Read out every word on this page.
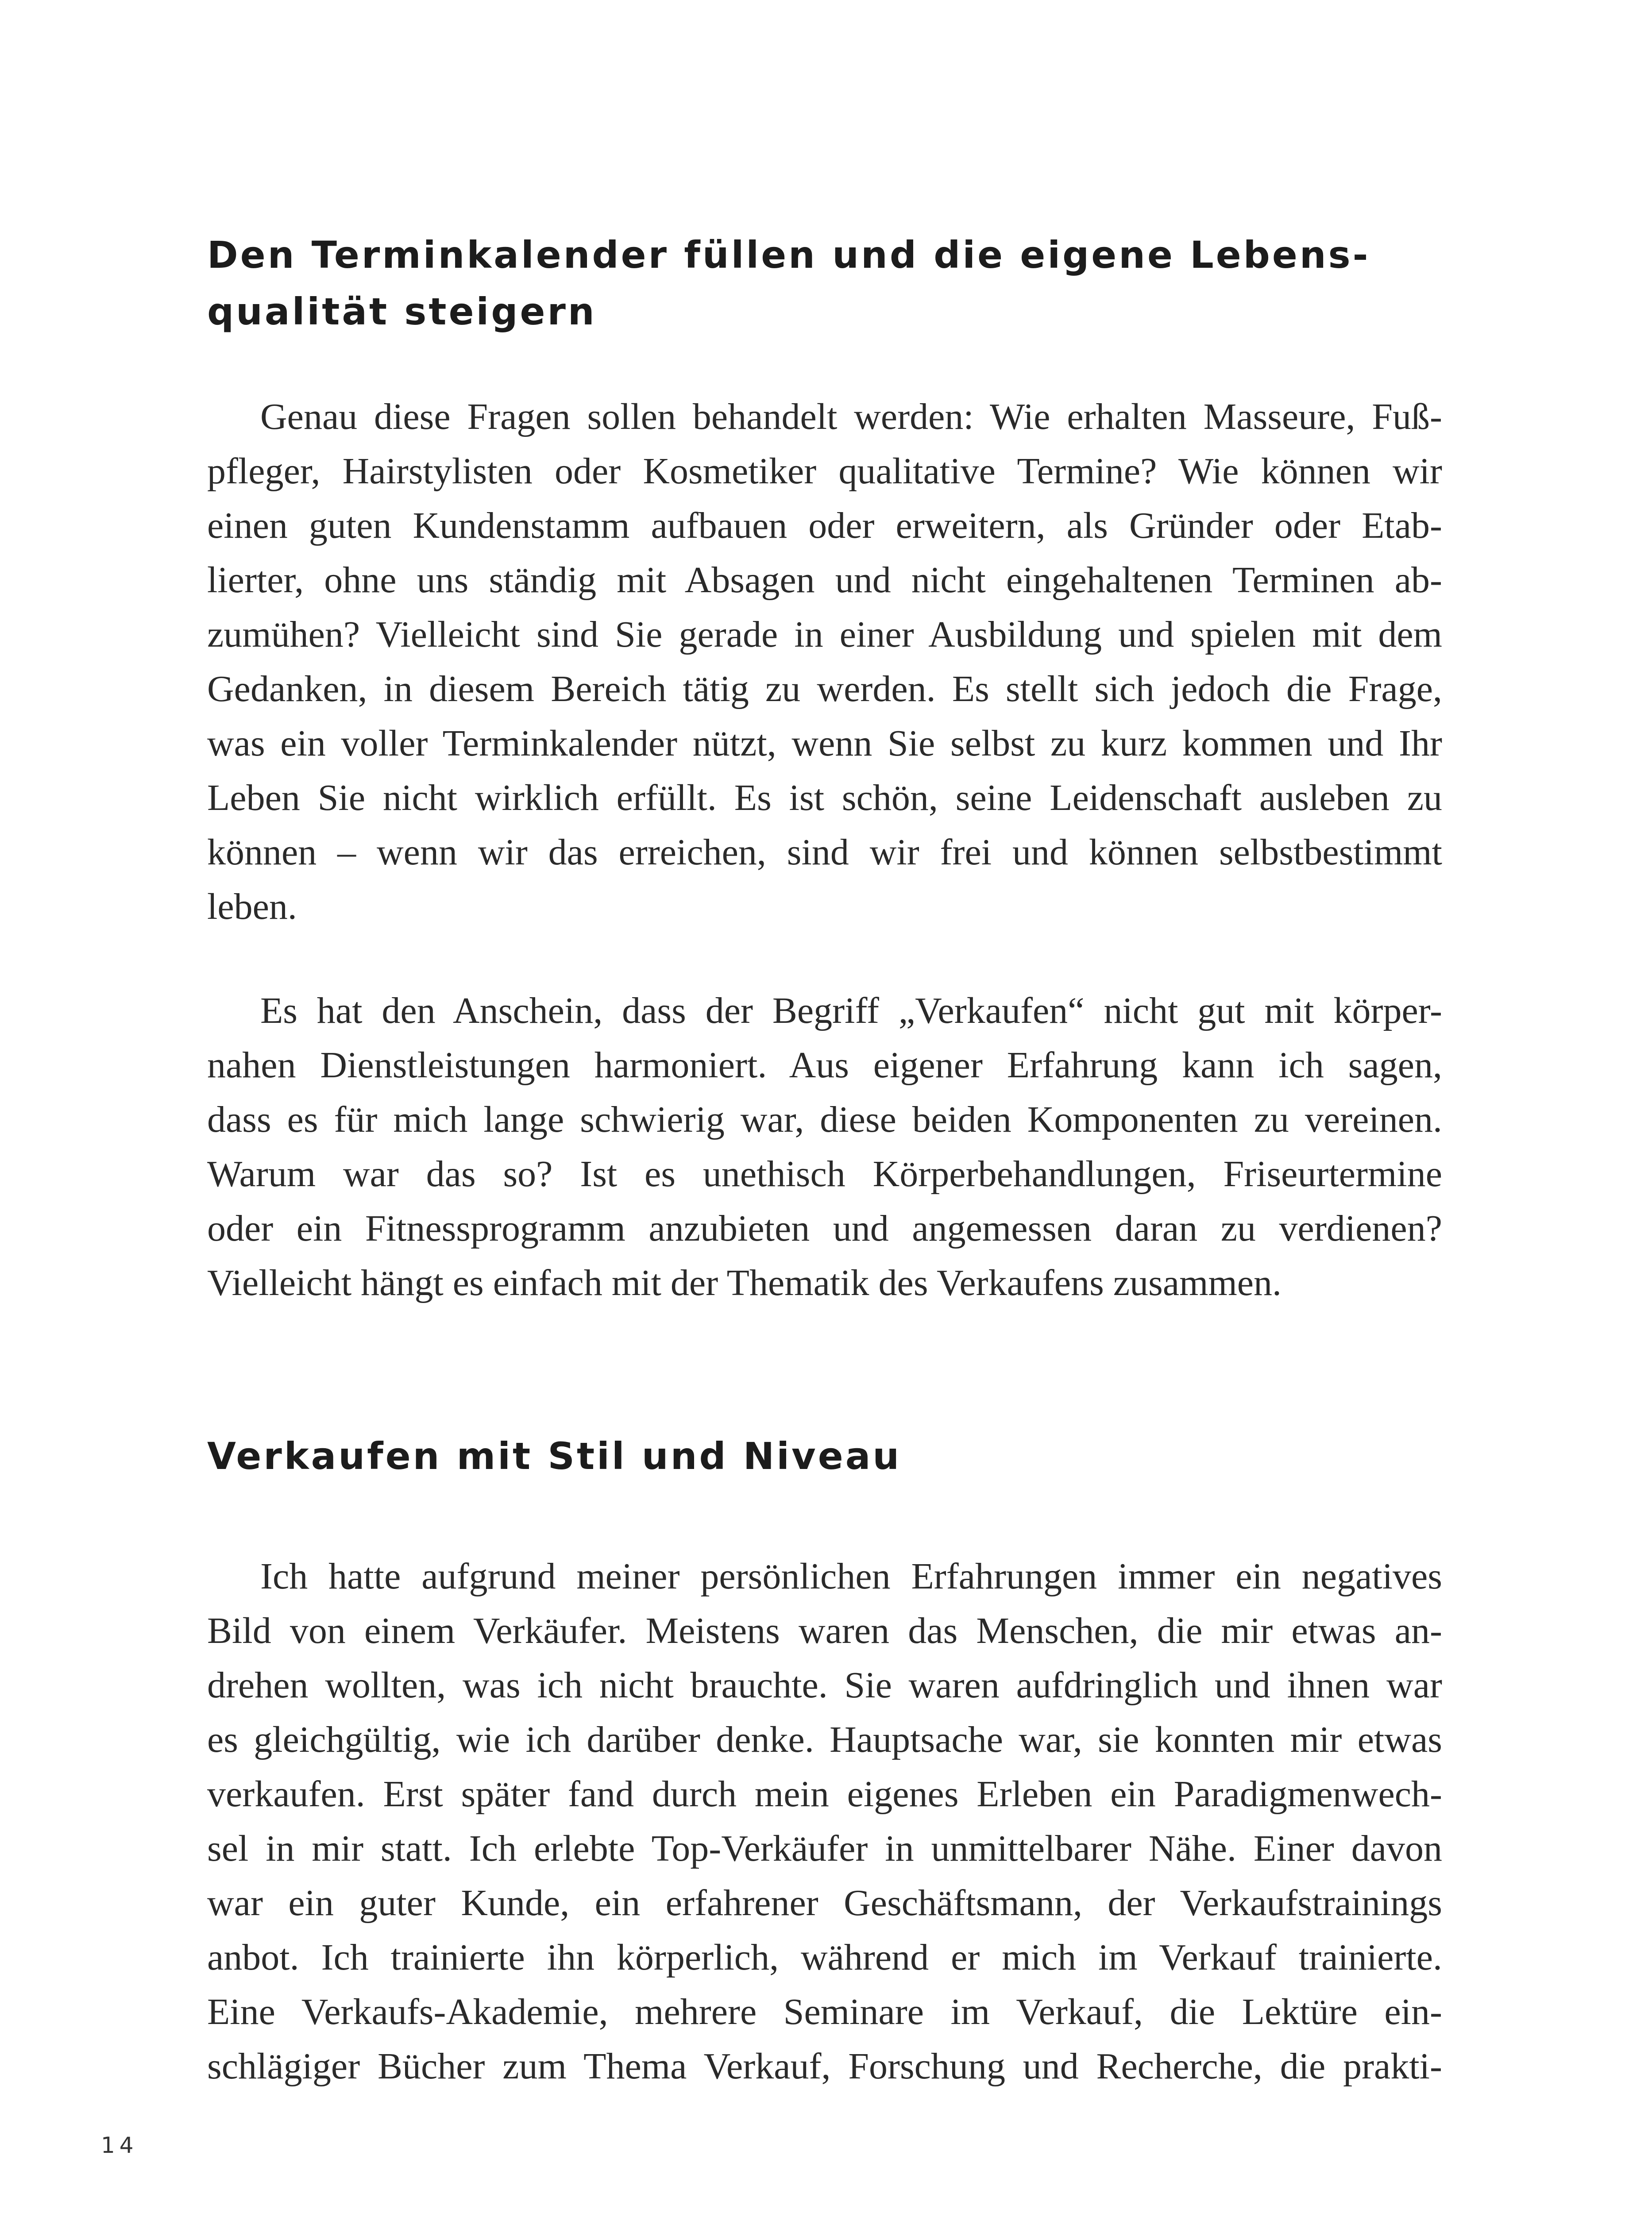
Den Terminkalender füllen und die eigene Lebens-
qualität steigern

Genau diese Fragen sollen behandelt werden: Wie erhalten Masseure, Fuß-
pfleger, Hairstylisten oder Kosmetiker qualitative Termine? Wie können wir
einen guten Kundenstamm aufbauen oder erweitern, als Gründer oder Etab-
lierter, ohne uns ständig mit Absagen und nicht eingehaltenen Terminen ab-
zumühen? Vielleicht sind Sie gerade in einer Ausbildung und spielen mit dem
Gedanken, in diesem Bereich tätig zu werden. Es stellt sich jedoch die Frage,
was ein voller Terminkalender nützt, wenn Sie selbst zu kurz kommen und Ihr
Leben Sie nicht wirklich erfüllt. Es ist schön, seine Leidenschaft ausleben zu
können – wenn wir das erreichen, sind wir frei und können selbstbestimmt
leben.

Es hat den Anschein, dass der Begriff „Verkaufen“ nicht gut mit körper-
nahen Dienstleistungen harmoniert. Aus eigener Erfahrung kann ich sagen,
dass es für mich lange schwierig war, diese beiden Komponenten zu vereinen.
Warum war das so? Ist es unethisch Körperbehandlungen, Friseurtermine
oder ein Fitnessprogramm anzubieten und angemessen daran zu verdienen?
Vielleicht hängt es einfach mit der Thematik des Verkaufens zusammen.

Verkaufen mit Stil und Niveau

Ich hatte aufgrund meiner persönlichen Erfahrungen immer ein negatives
Bild von einem Verkäufer. Meistens waren das Menschen, die mir etwas an-
drehen wollten, was ich nicht brauchte. Sie waren aufdringlich und ihnen war
es gleichgültig, wie ich darüber denke. Hauptsache war, sie konnten mir etwas
verkaufen. Erst später fand durch mein eigenes Erleben ein Paradigmenwech-
sel in mir statt. Ich erlebte Top-Verkäufer in unmittelbarer Nähe. Einer davon
war ein guter Kunde, ein erfahrener Geschäftsmann, der Verkaufstrainings
anbot. Ich trainierte ihn körperlich, während er mich im Verkauf trainierte.
Eine Verkaufs-Akademie, mehrere Seminare im Verkauf, die Lektüre ein-
schlägiger Bücher zum Thema Verkauf, Forschung und Recherche, die prakti-

14
